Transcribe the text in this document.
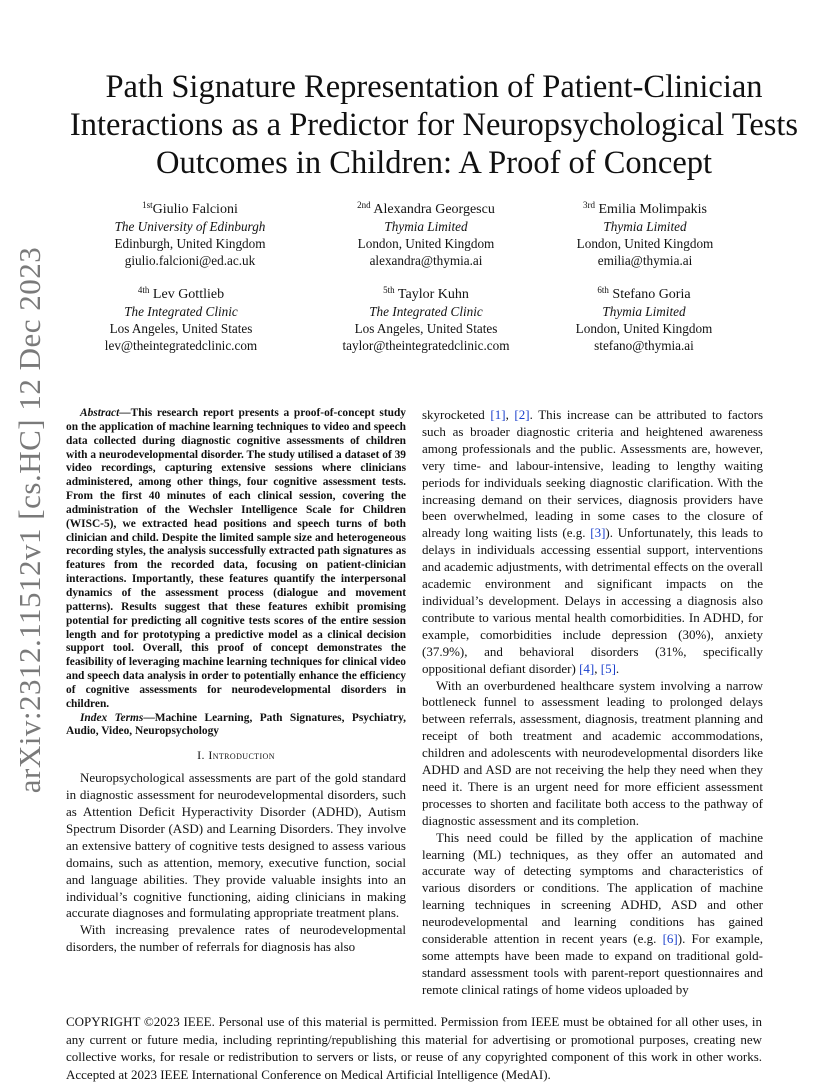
arXiv:2312.11512v1 [cs.HC] 12 Dec 2023
Path Signature Representation of Patient-Clinician Interactions as a Predictor for Neuropsychological Tests Outcomes in Children: A Proof of Concept
$^{1st}$Giulio Falcioni
The University of Edinburgh
Edinburgh, United Kingdom
giulio.falcioni@ed.ac.uk
$^{2nd}$ Alexandra Georgescu
Thymia Limited
London, United Kingdom
alexandra@thymia.ai
$^{3rd}$ Emilia Molimpakis
Thymia Limited
London, United Kingdom
emilia@thymia.ai
$^{4th}$ Lev Gottlieb
The Integrated Clinic
Los Angeles, United States
lev@theintegratedclinic.com
$^{5th}$ Taylor Kuhn
The Integrated Clinic
Los Angeles, United States
taylor@theintegratedclinic.com
$^{6th}$ Stefano Goria
Thymia Limited
London, United Kingdom
stefano@thymia.ai

Abstract—This research report presents a proof-of-concept study on the application of machine learning techniques to video and speech data collected during diagnostic cognitive assessments of children with a neurodevelopmental disorder. The study utilised a dataset of 39 video recordings, capturing extensive sessions where clinicians administered, among other things, four cognitive assessment tests. From the first 40 minutes of each clinical session, covering the administration of the Wechsler Intelligence Scale for Children (WISC-5), we extracted head positions and speech turns of both clinician and child. Despite the limited sample size and heterogeneous recording styles, the analysis successfully extracted path signatures as features from the recorded data, focusing on patient-clinician interactions. Importantly, these features quantify the interpersonal dynamics of the assessment process (dialogue and movement patterns). Results suggest that these features exhibit promising potential for predicting all cognitive tests scores of the entire session length and for prototyping a predictive model as a clinical decision support tool. Overall, this proof of concept demonstrates the feasibility of leveraging machine learning techniques for clinical video and speech data analysis in order to potentially enhance the efficiency of cognitive assessments for neurodevelopmental disorders in children.

Index Terms—Machine Learning, Path Signatures, Psychiatry, Audio, Video, Neuropsychology

I. Introduction

Neuropsychological assessments are part of the gold standard in diagnostic assessment for neurodevelopmental disorders, such as Attention Deficit Hyperactivity Disorder (ADHD), Autism Spectrum Disorder (ASD) and Learning Disorders. They involve an extensive battery of cognitive tests designed to assess various domains, such as attention, memory, executive function, social and language abilities. They provide valuable insights into an individual’s cognitive functioning, aiding clinicians in making accurate diagnoses and formulating appropriate treatment plans.

With increasing prevalence rates of neurodevelopmental disorders, the number of referrals for diagnosis has also

skyrocketed [1], [2]. This increase can be attributed to factors such as broader diagnostic criteria and heightened awareness among professionals and the public. Assessments are, however, very time- and labour-intensive, leading to lengthy waiting periods for individuals seeking diagnostic clarification. With the increasing demand on their services, diagnosis providers have been overwhelmed, leading in some cases to the closure of already long waiting lists (e.g. [3]). Unfortunately, this leads to delays in individuals accessing essential support, interventions and academic adjustments, with detrimental effects on the overall academic environment and significant impacts on the individual’s development. Delays in accessing a diagnosis also contribute to various mental health comorbidities. In ADHD, for example, comorbidities include depression (30%), anxiety (37.9%), and behavioral disorders (31%, specifically oppositional defiant disorder) [4], [5].

With an overburdened healthcare system involving a narrow bottleneck funnel to assessment leading to prolonged delays between referrals, assessment, diagnosis, treatment planning and receipt of both treatment and academic accommodations, children and adolescents with neurodevelopmental disorders like ADHD and ASD are not receiving the help they need when they need it. There is an urgent need for more efficient assessment processes to shorten and facilitate both access to the pathway of diagnostic assessment and its completion.

This need could be filled by the application of machine learning (ML) techniques, as they offer an automated and accurate way of detecting symptoms and characteristics of various disorders or conditions. The application of machine learning techniques in screening ADHD, ASD and other neurodevelopmental and learning conditions has gained considerable attention in recent years (e.g. [6]). For example, some attempts have been made to expand on traditional gold-standard assessment tools with parent-report questionnaires and remote clinical ratings of home videos uploaded by

COPYRIGHT ©2023 IEEE. Personal use of this material is permitted. Permission from IEEE must be obtained for all other uses, in any current or future media, including reprinting/republishing this material for advertising or promotional purposes, creating new collective works, for resale or redistribution to servers or lists, or reuse of any copyrighted component of this work in other works. Accepted at 2023 IEEE International Conference on Medical Artificial Intelligence (MedAI).
